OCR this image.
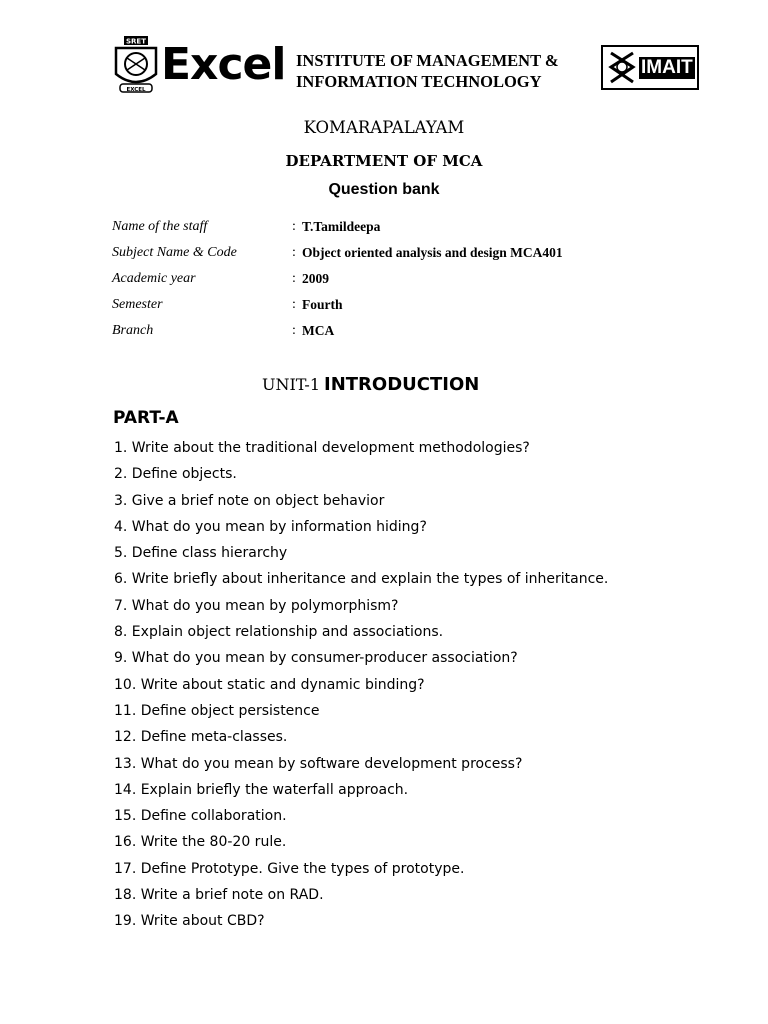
SRET
EXCEL Excel INSTITUTE OF MANAGEMENT &
INFORMATION TECHNOLOGY
IMAIT
KOMARAPALAYAM
DEPARTMENT OF MCA
Question bank
Name of the staff	: T.Tamildeepa
Subject Name & Code	: Object oriented analysis and design MCA401
Academic year	: 2009
Semester	: Fourth
Branch	: MCA
UNIT-1 INTRODUCTION
PART-A
1. Write about the traditional development methodologies?
2. Define objects.
3. Give a brief note on object behavior
4. What do you mean by information hiding?
5. Define class hierarchy
6. Write briefly about inheritance and explain the types of inheritance.
7. What do you mean by polymorphism?
8. Explain object relationship and associations.
9. What do you mean by consumer-producer association?
10. Write about static and dynamic binding?
11. Define object persistence
12. Define meta-classes.
13. What do you mean by software development process?
14. Explain briefly the waterfall approach.
15. Define collaboration.
16. Write the 80-20 rule.
17. Define Prototype. Give the types of prototype.
18. Write a brief note on RAD.
19. Write about CBD?
